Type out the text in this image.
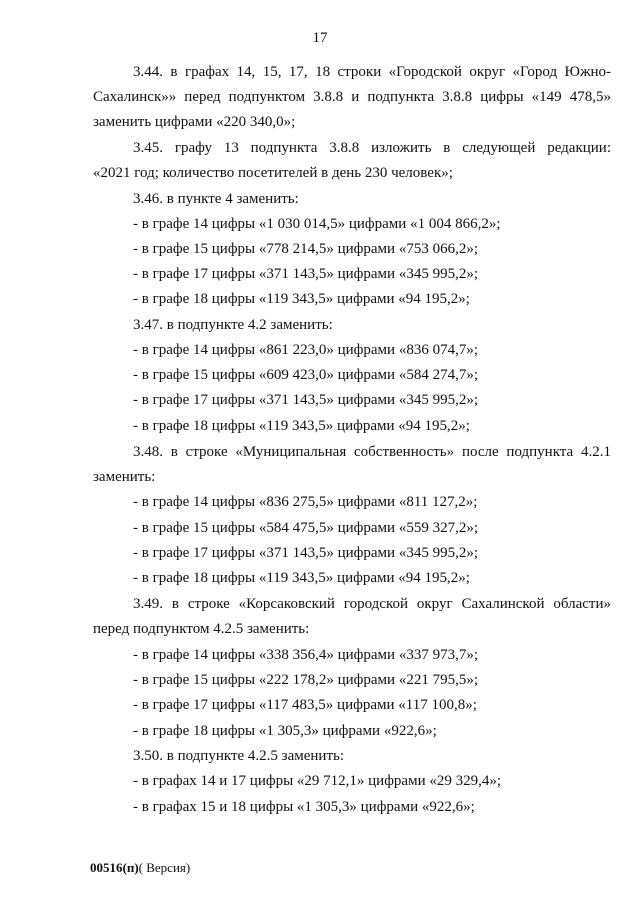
17
3.44. в графах 14, 15, 17, 18 строки «Городской округ «Город Южно-
Сахалинск»» перед подпунктом 3.8.8 и подпункта 3.8.8 цифры «149 478,5»
заменить цифрами «220 340,0»;
3.45. графу 13 подпункта 3.8.8 изложить в следующей редакции:
«2021 год; количество посетителей в день 230 человек»;
3.46. в пункте 4 заменить:
- в графе 14 цифры «1 030 014,5» цифрами «1 004 866,2»;
- в графе 15 цифры «778 214,5» цифрами «753 066,2»;
- в графе 17 цифры «371 143,5» цифрами «345 995,2»;
- в графе 18 цифры «119 343,5» цифрами «94 195,2»;
3.47. в подпункте 4.2 заменить:
- в графе 14 цифры «861 223,0» цифрами «836 074,7»;
- в графе 15 цифры «609 423,0» цифрами «584 274,7»;
- в графе 17 цифры «371 143,5» цифрами «345 995,2»;
- в графе 18 цифры «119 343,5» цифрами «94 195,2»;
3.48. в строке «Муниципальная собственность» после подпункта 4.2.1
заменить:
- в графе 14 цифры «836 275,5» цифрами «811 127,2»;
- в графе 15 цифры «584 475,5» цифрами «559 327,2»;
- в графе 17 цифры «371 143,5» цифрами «345 995,2»;
- в графе 18 цифры «119 343,5» цифрами «94 195,2»;
3.49. в строке «Корсаковский городской округ Сахалинской области»
перед подпунктом 4.2.5 заменить:
- в графе 14 цифры «338 356,4» цифрами «337 973,7»;
- в графе 15 цифры «222 178,2» цифрами «221 795,5»;
- в графе 17 цифры «117 483,5» цифрами «117 100,8»;
- в графе 18 цифры «1 305,3» цифрами «922,6»;
3.50. в подпункте 4.2.5 заменить:
- в графах 14 и 17 цифры «29 712,1» цифрами «29 329,4»;
- в графах 15 и 18 цифры «1 305,3» цифрами «922,6»;
00516(п)( Версия)
